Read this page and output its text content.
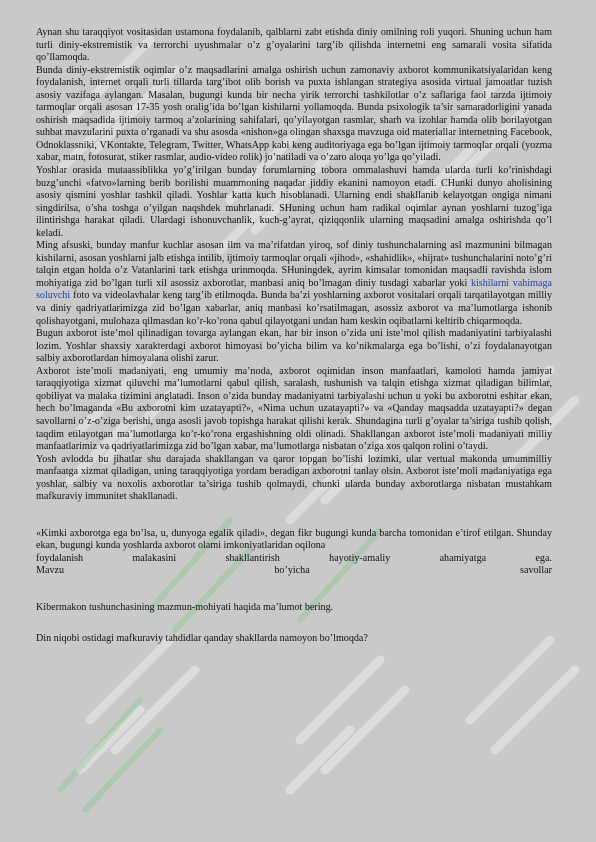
Aynan shu taraqqiyot vositasidan ustamona foydalanib, qalblarni zabt etishda diniy omilning roli yuqori. Shuning uchun ham turli diniy-ekstremistik va terrorchi uyushmalar o’z g’oyalarini targ’ib qilishda internetni eng samarali vosita sifatida qo’llamoqda.

Bunda diniy-ekstremistik oqimlar o’z maqsadlarini amalga oshirish uchun zamonaviy axborot kommunikatsiyalaridan keng foydalanish, internet orqali turli tillarda targ’ibot olib borish va puxta ishlangan strategiya asosida virtual jamoatlar tuzish asosiy vazifaga aylangan. Masalan, bugungi kunda bir necha yirik terrorchi tashkilotlar o’z saflariga faol tarzda ijtimoiy tarmoqlar orqali asosan 17-35 yosh oralig’ida bo’lgan kishilarni yollamoqda. Bunda psixologik ta’sir samaradorligini yanada oshirish maqsadida ijtimoiy tarmoq a’zolarining sahifalari, qo’yilayotgan rasmlar, sharh va izohlar hamda olib borilayotgan suhbat mavzularini puxta o’rganadi va shu asosda «nishon»ga olingan shaxsga mavzuga oid materiallar internetning Facebook, Odnoklassniki, VKontakte, Telegram, Twitter, WhatsApp kabi keng auditoriyaga ega bo’lgan ijtimoiy tarmoqlar orqali (yozma xabar, matn, fotosurat, stiker rasmlar, audio-video rolik) jo’natiladi va o’zaro aloqa yo’lga qo’yiladi.

Yoshlar orasida mutaassiblikka yo’g’irilgan bunday forumlarning tobora ommalashuvi hamda ularda turli ko’rinishdagi buzg’unchi «fatvo»larning berib borilishi muammoning naqadar jiddiy ekanini namoyon etadi. CHunki dunyo aholisining asosiy qismini yoshlar tashkil qiladi. Yoshlar katta kuch hisoblanadi. Ularning endi shakllanib kelayotgan ongiga nimani singdirilsa, o’sha toshga o’yilgan naqshdek muhrlanadi. SHuning uchun ham radikal oqimlar aynan yoshlarni tuzog’iga ilintirishga harakat qiladi. Ulardagi ishonuvchanlik, kuch-g’ayrat, qiziqqonlik ularning maqsadini amalga oshirishda qo’l keladi.

Ming afsuski, bunday manfur kuchlar asosan ilm va ma’rifatdan yiroq, sof diniy tushunchalarning asl mazmunini bilmagan kishilarni, asosan yoshlarni jalb etishga intilib, ijtimoiy tarmoqlar orqali «jihod», «shahidlik», «hijrat» tushunchalarini noto’g’ri talqin etgan holda o’z Vatanlarini tark etishga urinmoqda. SHuningdek, ayrim kimsalar tomonidan maqsadli ravishda islom mohiyatiga zid bo’lgan turli xil asossiz axborotlar, manbasi aniq bo’lmagan diniy tusdagi xabarlar yoki kishilarni vahimaga soluvchi foto va videolavhalar keng targ’ib etilmoqda. Bunda ba’zi yoshlarning axborot vositalari orqali tarqatilayotgan milliy va diniy qadriyatlarimizga zid bo’lgan xabarlar, aniq manbasi ko’rsatilmagan, asossiz axborot va ma’lumotlarga ishonib qolishayotgani, mulohaza qilmasdan ko’r-ko’rona qabul qilayotgani undan ham keskin oqibatlarni keltirib chiqarmoqda.

Bugun axborot iste’mol qilinadigan tovarga aylangan ekan, har bir inson o’zida uni iste’mol qilish madaniyatini tarbiyalashi lozim. Yoshlar shaxsiy xarakterdagi axborot himoyasi bo’yicha bilim va ko’nikmalarga ega bo’lishi, o’zi foydalanayotgan salbiy axborotlardan himoyalana olishi zarur.

Axborot iste’moli madaniyati, eng umumiy ma’noda, axborot oqimidan inson manfaatlari, kamoloti hamda jamiyat taraqqiyotiga xizmat qiluvchi ma’lumotlarni qabul qilish, saralash, tushunish va talqin etishga xizmat qiladigan bilimlar, qobiliyat va malaka tizimini anglatadi. Inson o’zida bunday madaniyatni tarbiyalashi uchun u yoki bu axborotni eshitar ekan, hech bo’lmaganda «Bu axborotni kim uzatayapti?», «Nima uchun uzatayapti?» va «Qanday maqsadda uzatayapti?» degan savollarni o’z-o’ziga berishi, unga asosli javob topishga harakat qilishi kerak. Shundagina turli g’oyalar ta’siriga tushib qolish, taqdim etilayotgan ma’lumotlarga ko’r-ko’rona ergashishning oldi olinadi. Shakllangan axborot iste’moli madaniyati milliy manfaatlarimiz va qadriyatlarimizga zid bo’lgan xabar, ma’lumotlarga nisbatan o’ziga xos qalqon rolini o’taydi.

Yosh avlodda bu jihatlar shu darajada shakllangan va qaror topgan bo’lishi lozimki, ular vertual makonda umummilliy manfaatga xizmat qiladigan, uning taraqqiyotiga yordam beradigan axborotni tanlay olsin. Axborot iste’moli madaniyatiga ega yoshlar, salbiy va noxolis axborotlar ta’siriga tushib qolmaydi, chunki ularda bunday axborotlarga nisbatan mustahkam mafkuraviy immunitet shakllanadi.

«Kimki axborotga ega bo’lsa, u, dunyoga egalik qiladi», degan fikr bugungi kunda barcha tomonidan e’tirof etilgan. Shunday ekan, bugungi kunda yoshlarda axborot olami imkoniyatlaridan oqilona

foydalanish	malakasini	shakllantirish	hayotiy-amaliy	ahamiyatga	ega.
Mavzu	bo’yicha	savollar

Kibermakon tushunchasining mazmun-mohiyati haqida ma’lumot bering.

Din niqobi ostidagi mafkuraviy tahdidlar qanday shakllarda namoyon bo’lmoqda?
